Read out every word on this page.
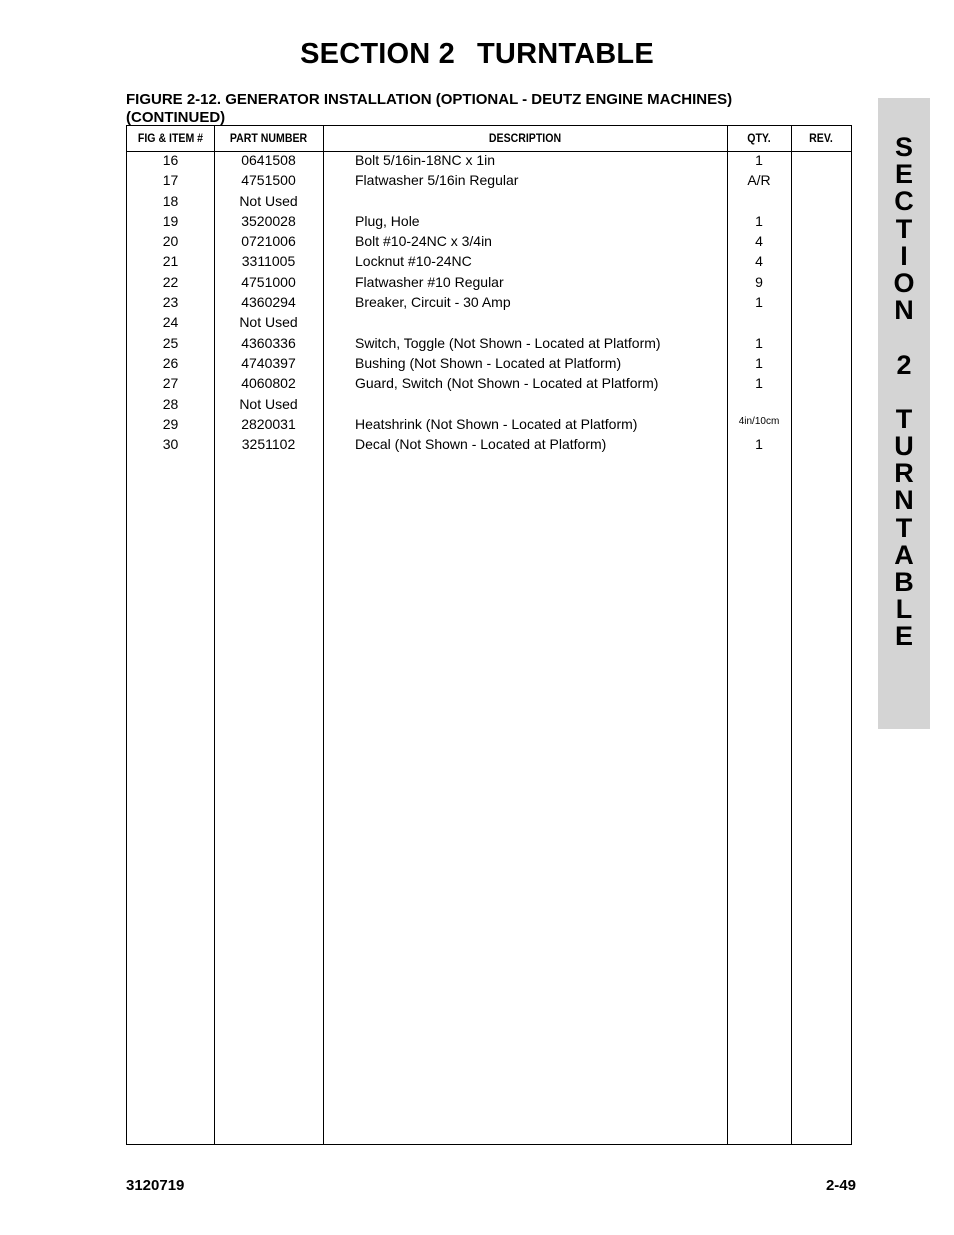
SECTION 2 TURNTABLE
FIGURE 2-12. GENERATOR INSTALLATION (OPTIONAL - DEUTZ ENGINE MACHINES)
(CONTINUED)
FIG & ITEM #	PART NUMBER	DESCRIPTION	QTY.	REV.
16	0641508	Bolt 5/16in-18NC x 1in	1
17	4751500	Flatwasher 5/16in Regular	A/R
18	Not Used
19	3520028	Plug, Hole	1
20	0721006	Bolt #10-24NC x 3/4in	4
21	3311005	Locknut #10-24NC	4
22	4751000	Flatwasher #10 Regular	9
23	4360294	Breaker, Circuit - 30 Amp	1
24	Not Used
25	4360336	Switch, Toggle (Not Shown - Located at Platform)	1
26	4740397	Bushing (Not Shown - Located at Platform)	1
27	4060802	Guard, Switch (Not Shown - Located at Platform)	1
28	Not Used
29	2820031	Heatshrink (Not Shown - Located at Platform)	4in/10cm
30	3251102	Decal (Not Shown - Located at Platform)	1
S
E
C
T
I
O
N
2
T
U
R
N
T
A
B
L
E
3120719	2-49
